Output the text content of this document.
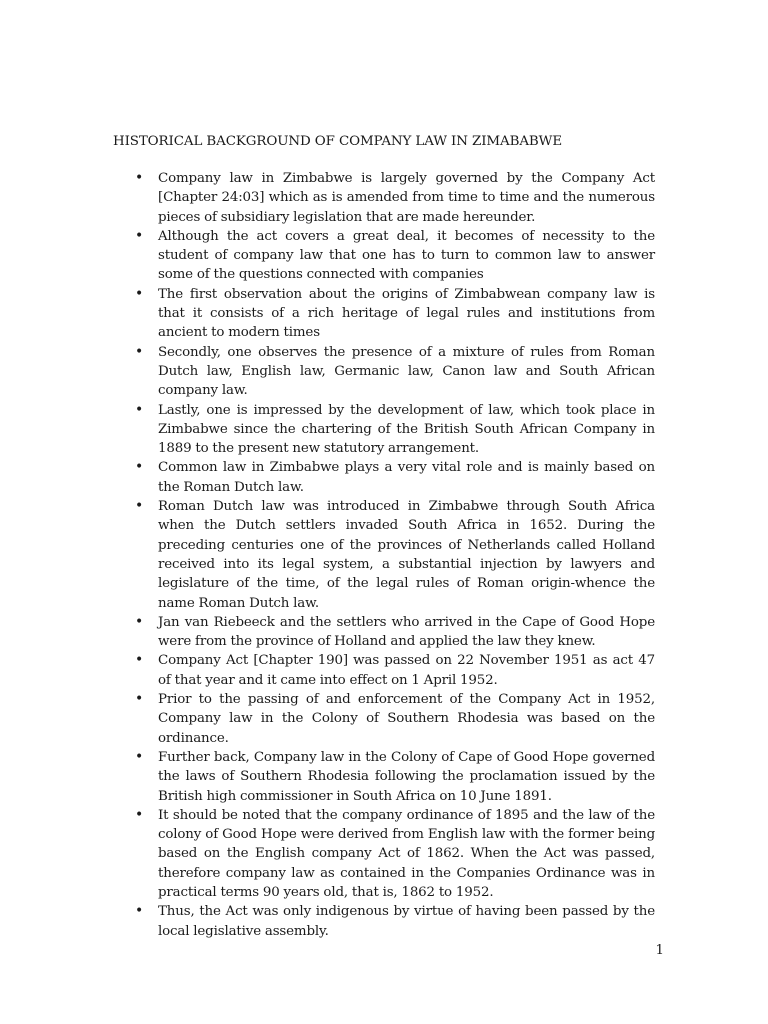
HISTORICAL BACKGROUND OF COMPANY LAW IN ZIMABABWE
• Company law in Zimbabwe is largely governed by the Company Act [Chapter 24:03] which as is amended from time to time and the numerous pieces of subsidiary legislation that are made hereunder.
• Although the act covers a great deal, it becomes of necessity to the student of company law that one has to turn to common law to answer some of the questions connected with companies
• The first observation about the origins of Zimbabwean company law is that it consists of a rich heritage of legal rules and institutions from ancient to modern times
• Secondly, one observes the presence of a mixture of rules from Roman Dutch law, English law, Germanic law, Canon law and South African company law.
• Lastly, one is impressed by the development of law, which took place in Zimbabwe since the chartering of the British South African Company in 1889 to the present new statutory arrangement.
• Common law in Zimbabwe plays a very vital role and is mainly based on the Roman Dutch law.
• Roman Dutch law was introduced in Zimbabwe through South Africa when the Dutch settlers invaded South Africa in 1652. During the preceding centuries one of the provinces of Netherlands called Holland received into its legal system, a substantial injection by lawyers and legislature of the time, of the legal rules of Roman origin-whence the name Roman Dutch law.
• Jan van Riebeeck and the settlers who arrived in the Cape of Good Hope were from the province of Holland and applied the law they knew.
• Company Act [Chapter 190] was passed on 22 November 1951 as act 47 of that year and it came into effect on 1 April 1952.
• Prior to the passing of and enforcement of the Company Act in 1952, Company law in the Colony of Southern Rhodesia was based on the ordinance.
• Further back, Company law in the Colony of Cape of Good Hope governed the laws of Southern Rhodesia following the proclamation issued by the British high commissioner in South Africa on 10 June 1891.
• It should be noted that the company ordinance of 1895 and the law of the colony of Good Hope were derived from English law with the former being based on the English company Act of 1862. When the Act was passed, therefore company law as contained in the Companies Ordinance was in practical terms 90 years old, that is, 1862 to 1952.
• Thus, the Act was only indigenous by virtue of having been passed by the local legislative assembly.
1
